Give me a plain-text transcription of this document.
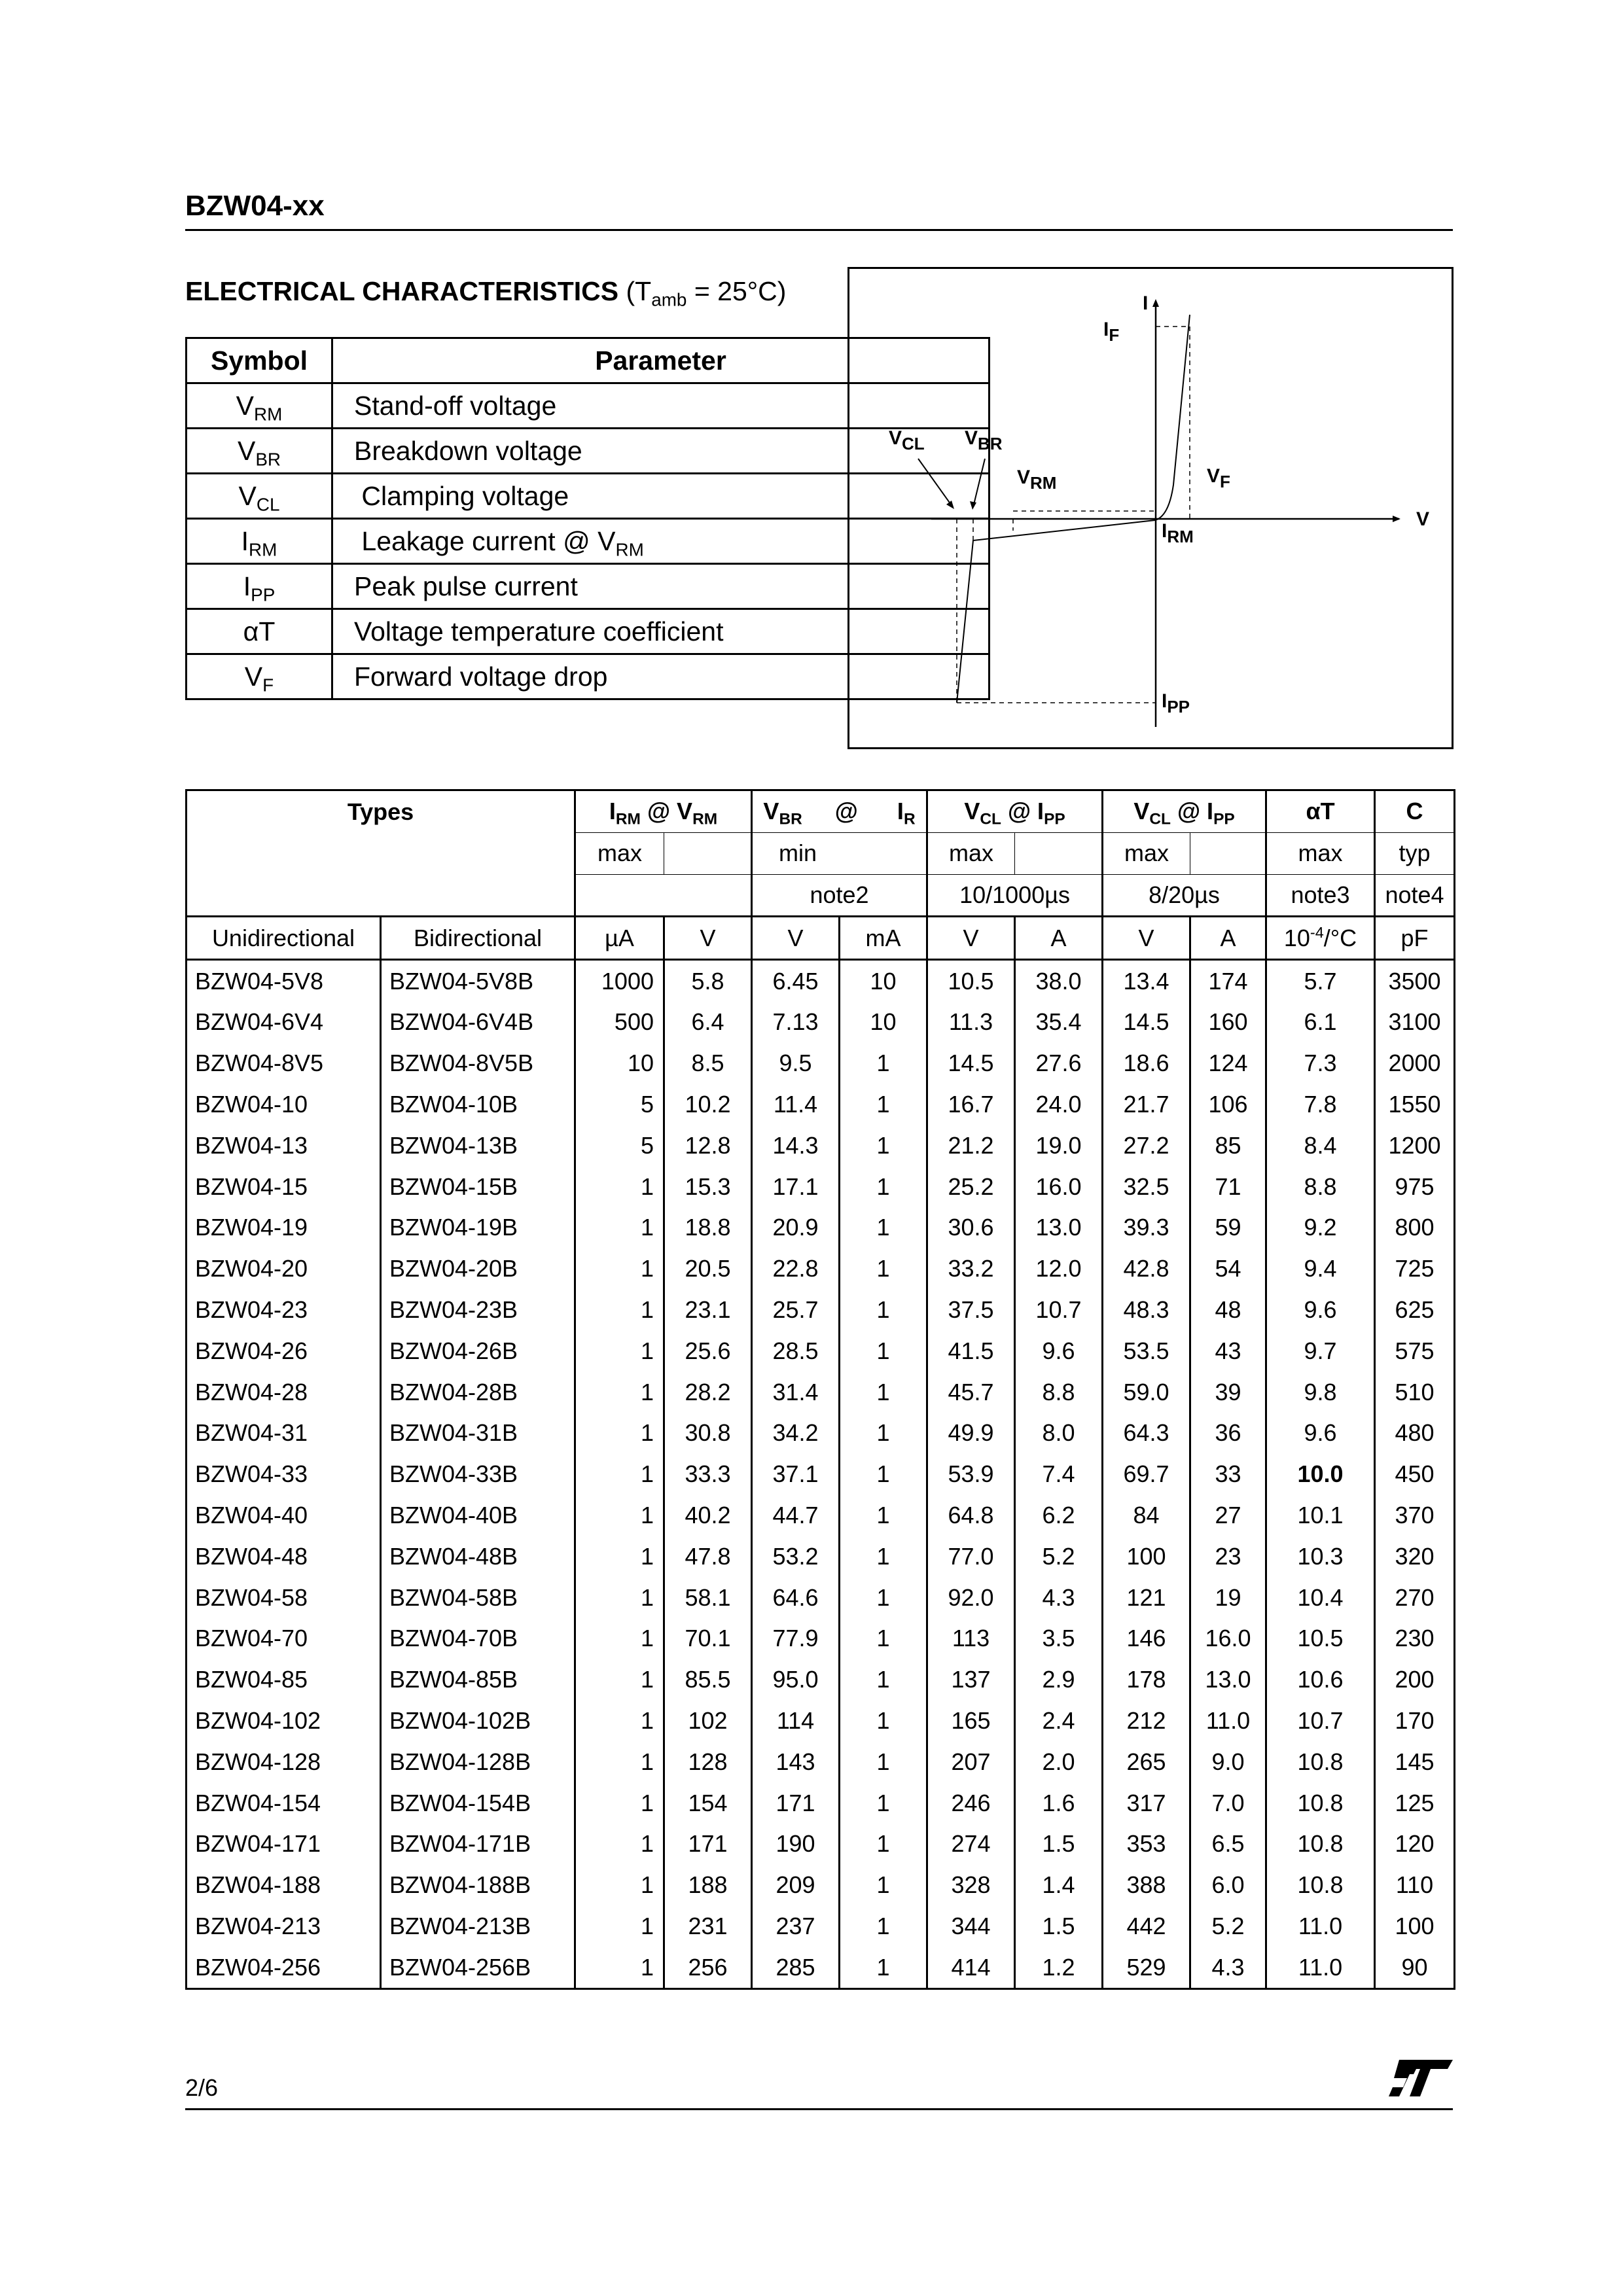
BZW04-xx
ELECTRICAL CHARACTERISTICS $(T_{amb} = 25^\circ C)$
Symbol	Parameter
$V_{RM}$	Stand-off voltage
$V_{BR}$	Breakdown voltage
$V_{CL}$	Clamping voltage
$I_{RM}$	Leakage current @ $V_{RM}$
$I_{PP}$	Peak pulse current
αT	Voltage temperature coefficient
$V_F$	Forward voltage drop
I
IF
VCL VBR
VRM	VF
V
IRM
IPP
Types		$I_{RM}$ @ $V_{RM}$		$V_{BR}$ @ $I_R$		$V_{CL}$ @ $I_{PP}$		$V_{CL}$ @ $I_{PP}$		αT	C
		max		min		max		max		max	typ
				note2		10/1000µs		8/20µs		note3	note4
Unidirectional	Bidirectional	µA	V	V	mA	V	A	V	A	$10^{-4}/^\circ C$	pF
BZW04-5V8	BZW04-5V8B	1000	5.8	6.45	10	10.5	38.0	13.4	174	5.7	3500
BZW04-6V4	BZW04-6V4B	500	6.4	7.13	10	11.3	35.4	14.5	160	6.1	3100
BZW04-8V5	BZW04-8V5B	10	8.5	9.5	1	14.5	27.6	18.6	124	7.3	2000
BZW04-10	BZW04-10B	5	10.2	11.4	1	16.7	24.0	21.7	106	7.8	1550
BZW04-13	BZW04-13B	5	12.8	14.3	1	21.2	19.0	27.2	85	8.4	1200
BZW04-15	BZW04-15B	1	15.3	17.1	1	25.2	16.0	32.5	71	8.8	975
BZW04-19	BZW04-19B	1	18.8	20.9	1	30.6	13.0	39.3	59	9.2	800
BZW04-20	BZW04-20B	1	20.5	22.8	1	33.2	12.0	42.8	54	9.4	725
BZW04-23	BZW04-23B	1	23.1	25.7	1	37.5	10.7	48.3	48	9.6	625
BZW04-26	BZW04-26B	1	25.6	28.5	1	41.5	9.6	53.5	43	9.7	575
BZW04-28	BZW04-28B	1	28.2	31.4	1	45.7	8.8	59.0	39	9.8	510
BZW04-31	BZW04-31B	1	30.8	34.2	1	49.9	8.0	64.3	36	9.6	480
BZW04-33	BZW04-33B	1	33.3	37.1	1	53.9	7.4	69.7	33	10.0	450
BZW04-40	BZW04-40B	1	40.2	44.7	1	64.8	6.2	84	27	10.1	370
BZW04-48	BZW04-48B	1	47.8	53.2	1	77.0	5.2	100	23	10.3	320
BZW04-58	BZW04-58B	1	58.1	64.6	1	92.0	4.3	121	19	10.4	270
BZW04-70	BZW04-70B	1	70.1	77.9	1	113	3.5	146	16.0	10.5	230
BZW04-85	BZW04-85B	1	85.5	95.0	1	137	2.9	178	13.0	10.6	200
BZW04-102	BZW04-102B	1	102	114	1	165	2.4	212	11.0	10.7	170
BZW04-128	BZW04-128B	1	128	143	1	207	2.0	265	9.0	10.8	145
BZW04-154	BZW04-154B	1	154	171	1	246	1.6	317	7.0	10.8	125
BZW04-171	BZW04-171B	1	171	190	1	274	1.5	353	6.5	10.8	120
BZW04-188	BZW04-188B	1	188	209	1	328	1.4	388	6.0	10.8	110
BZW04-213	BZW04-213B	1	231	237	1	344	1.5	442	5.2	11.0	100
BZW04-256	BZW04-256B	1	256	285	1	414	1.2	529	4.3	11.0	90
2/6
